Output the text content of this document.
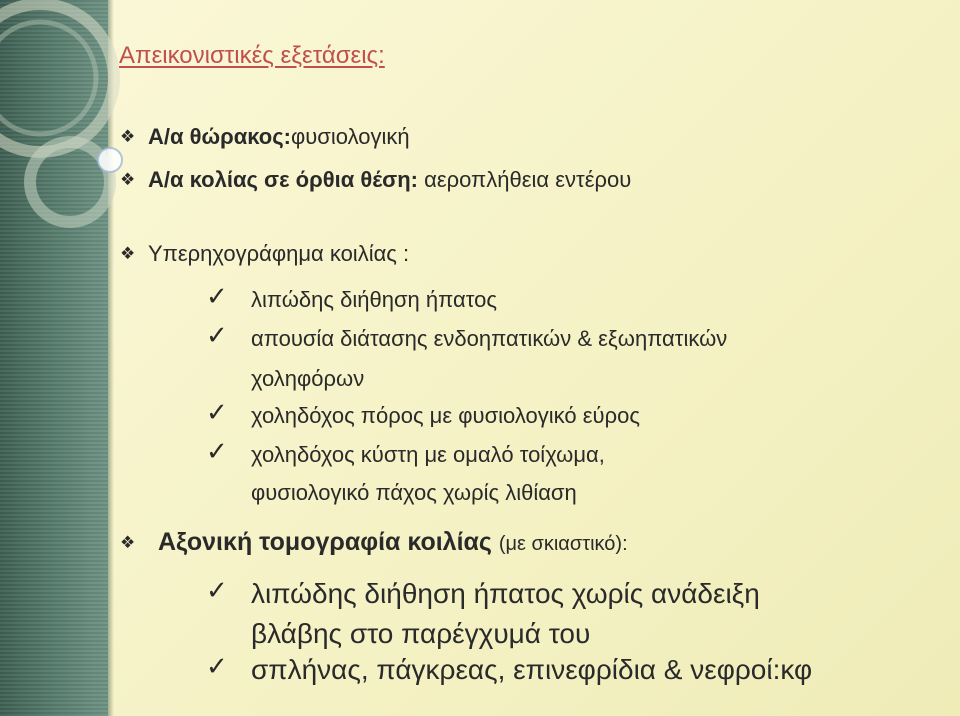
Απεικονιστικές εξετάσεις:
❖ Α/α θώρακος:φυσιολογική
❖ Α/α κολίας σε όρθια θέση: αεροπλήθεια εντέρου
❖ Υπερηχογράφημα κοιλίας :
✓ λιπώδης διήθηση ήπατος
✓ απουσία διάτασης ενδοηπατικών & εξωηπατικών
χοληφόρων
✓ χοληδόχος πόρος με φυσιολογικό εύρος
✓ χοληδόχος κύστη με ομαλό τοίχωμα,
φυσιολογικό πάχος χωρίς λιθίαση
❖ Αξονική τομογραφία κοιλίας (με σκιαστικό):
✓ λιπώδης διήθηση ήπατος χωρίς ανάδειξη
βλάβης στο παρέγχυμά του
✓ σπλήνας, πάγκρεας, επινεφρίδια & νεφροί:κφ
